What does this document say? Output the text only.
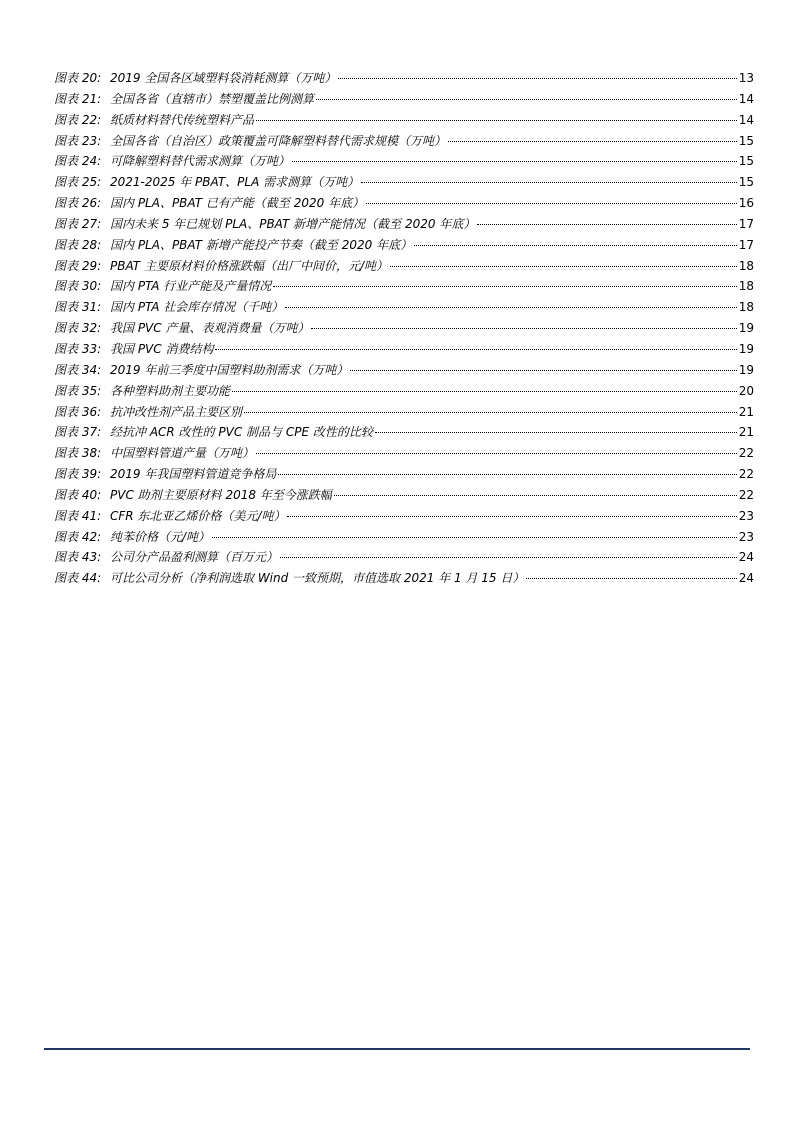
图表 20: 2019 全国各区域塑料袋消耗测算（万吨）	13
图表 21: 全国各省（直辖市）禁塑覆盖比例测算	14
图表 22: 纸质材料替代传统塑料产品	14
图表 23: 全国各省（自治区）政策覆盖可降解塑料替代需求规模（万吨）	15
图表 24: 可降解塑料替代需求测算（万吨）	15
图表 25: 2021-2025 年 PBAT、PLA 需求测算（万吨）	15
图表 26: 国内 PLA、PBAT 已有产能（截至 2020 年底）	16
图表 27: 国内未来 5 年已规划 PLA、PBAT 新增产能情况（截至 2020 年底）	17
图表 28: 国内 PLA、PBAT 新增产能投产节奏（截至 2020 年底）	17
图表 29: PBAT 主要原材料价格涨跌幅（出厂中间价，元/吨）	18
图表 30: 国内 PTA 行业产能及产量情况	18
图表 31: 国内 PTA 社会库存情况（千吨）	18
图表 32: 我国 PVC 产量、表观消费量（万吨）	19
图表 33: 我国 PVC 消费结构	19
图表 34: 2019 年前三季度中国塑料助剂需求（万吨）	19
图表 35: 各种塑料助剂主要功能	20
图表 36: 抗冲改性剂产品主要区别	21
图表 37: 经抗冲 ACR 改性的 PVC 制品与 CPE 改性的比较	21
图表 38: 中国塑料管道产量（万吨）	22
图表 39: 2019 年我国塑料管道竞争格局	22
图表 40: PVC 助剂主要原材料 2018 年至今涨跌幅	22
图表 41: CFR 东北亚乙烯价格（美元/吨）	23
图表 42: 纯苯价格（元/吨）	23
图表 43: 公司分产品盈利测算（百万元）	24
图表 44: 可比公司分析（净利润选取 Wind 一致预期，市值选取 2021 年 1 月 15 日）	24
